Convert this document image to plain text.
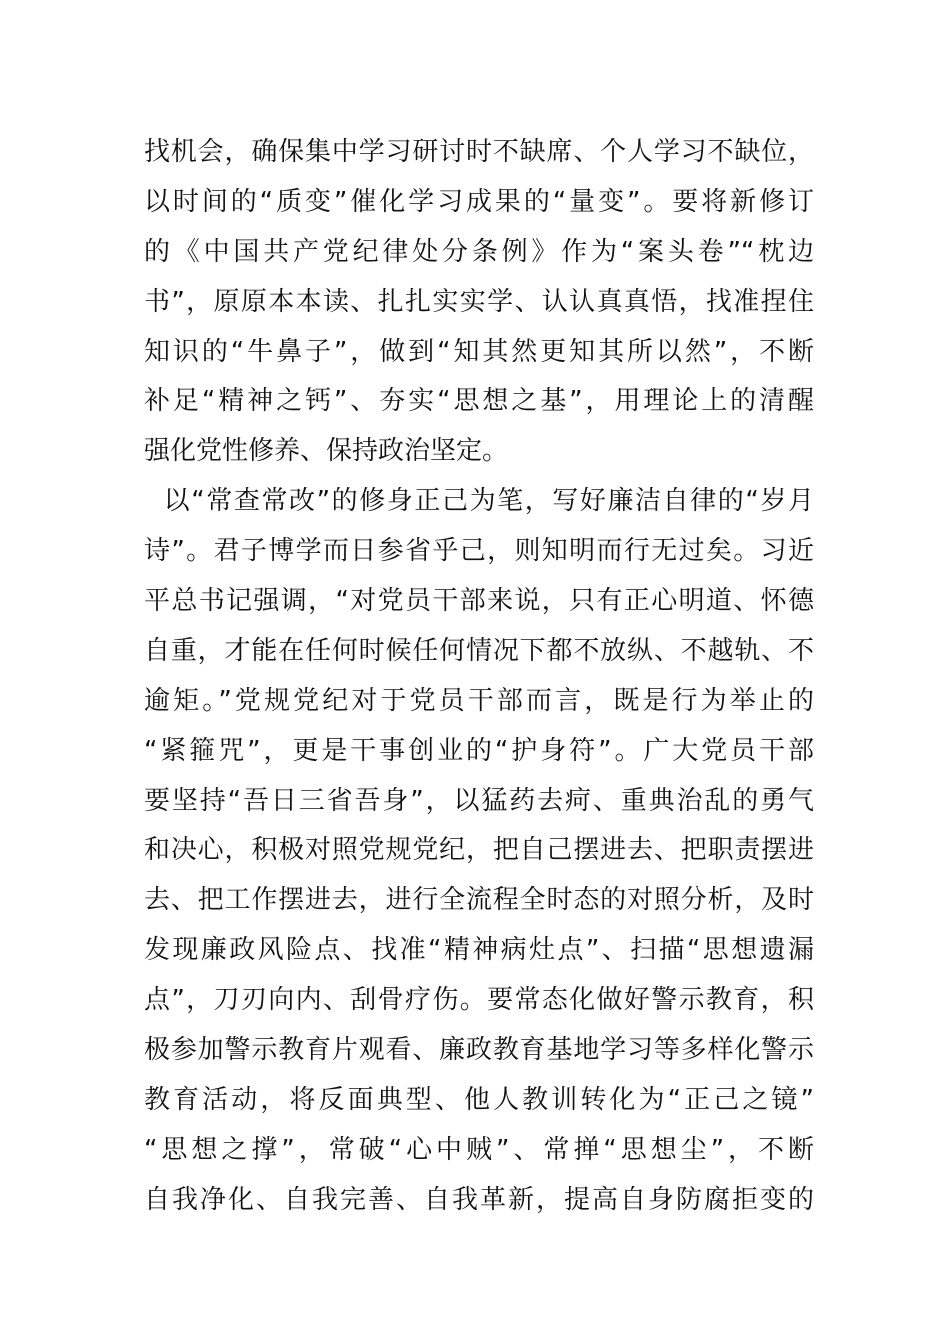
找机会，确保集中学习研讨时不缺席、个人学习不缺位，
以时间的“质变”催化学习成果的“量变”。要将新修订
的《中国共产党纪律处分条例》作为“案头卷”“枕边
书”，原原本本读、扎扎实实学、认认真真悟，找准捏住
知识的“牛鼻子”，做到“知其然更知其所以然”，不断
补足“精神之钙”、夯实“思想之基”，用理论上的清醒
强化党性修养、保持政治坚定。
以“常查常改”的修身正己为笔，写好廉洁自律的“岁月
诗”。君子博学而日参省乎己，则知明而行无过矣。习近
平总书记强调，“对党员干部来说，只有正心明道、怀德
自重，才能在任何时候任何情况下都不放纵、不越轨、不
逾矩。”党规党纪对于党员干部而言，既是行为举止的
“紧箍咒”，更是干事创业的“护身符”。广大党员干部
要坚持“吾日三省吾身”，以猛药去疴、重典治乱的勇气
和决心，积极对照党规党纪，把自己摆进去、把职责摆进
去、把工作摆进去，进行全流程全时态的对照分析，及时
发现廉政风险点、找准“精神病灶点”、扫描“思想遗漏
点”，刀刃向内、刮骨疗伤。要常态化做好警示教育，积
极参加警示教育片观看、廉政教育基地学习等多样化警示
教育活动，将反面典型、他人教训转化为“正己之镜”
“思想之撑”，常破“心中贼”、常掸“思想尘”，不断
自我净化、自我完善、自我革新，提高自身防腐拒变的
